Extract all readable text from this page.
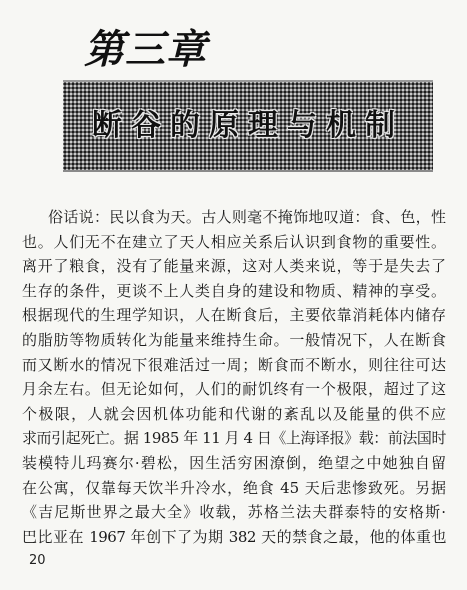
第三章
断谷的原理与机制
俗话说：民以食为天。古人则毫不掩饰地叹道：食、色，性
也。人们无不在建立了天人相应关系后认识到食物的重要性。
离开了粮食，没有了能量来源，这对人类来说，等于是失去了
生存的条件，更谈不上人类自身的建设和物质、精神的享受。
根据现代的生理学知识，人在断食后，主要依靠消耗体内储存
的脂肪等物质转化为能量来维持生命。一般情况下，人在断食
而又断水的情况下很难活过一周；断食而不断水，则往往可达
月余左右。但无论如何，人们的耐饥终有一个极限，超过了这
个极限，人就会因机体功能和代谢的紊乱以及能量的供不应
求而引起死亡。据 1985 年 11 月 4 日《上海译报》载：前法国时
装模特儿玛赛尔·碧松，因生活穷困潦倒，绝望之中她独自留
在公寓，仅靠每天饮半升冷水，绝食 45 天后悲惨致死。另据
《吉尼斯世界之最大全》收载，苏格兰法夫群泰特的安格斯·
巴比亚在 1967 年创下了为期 382 天的禁食之最，他的体重也
20
